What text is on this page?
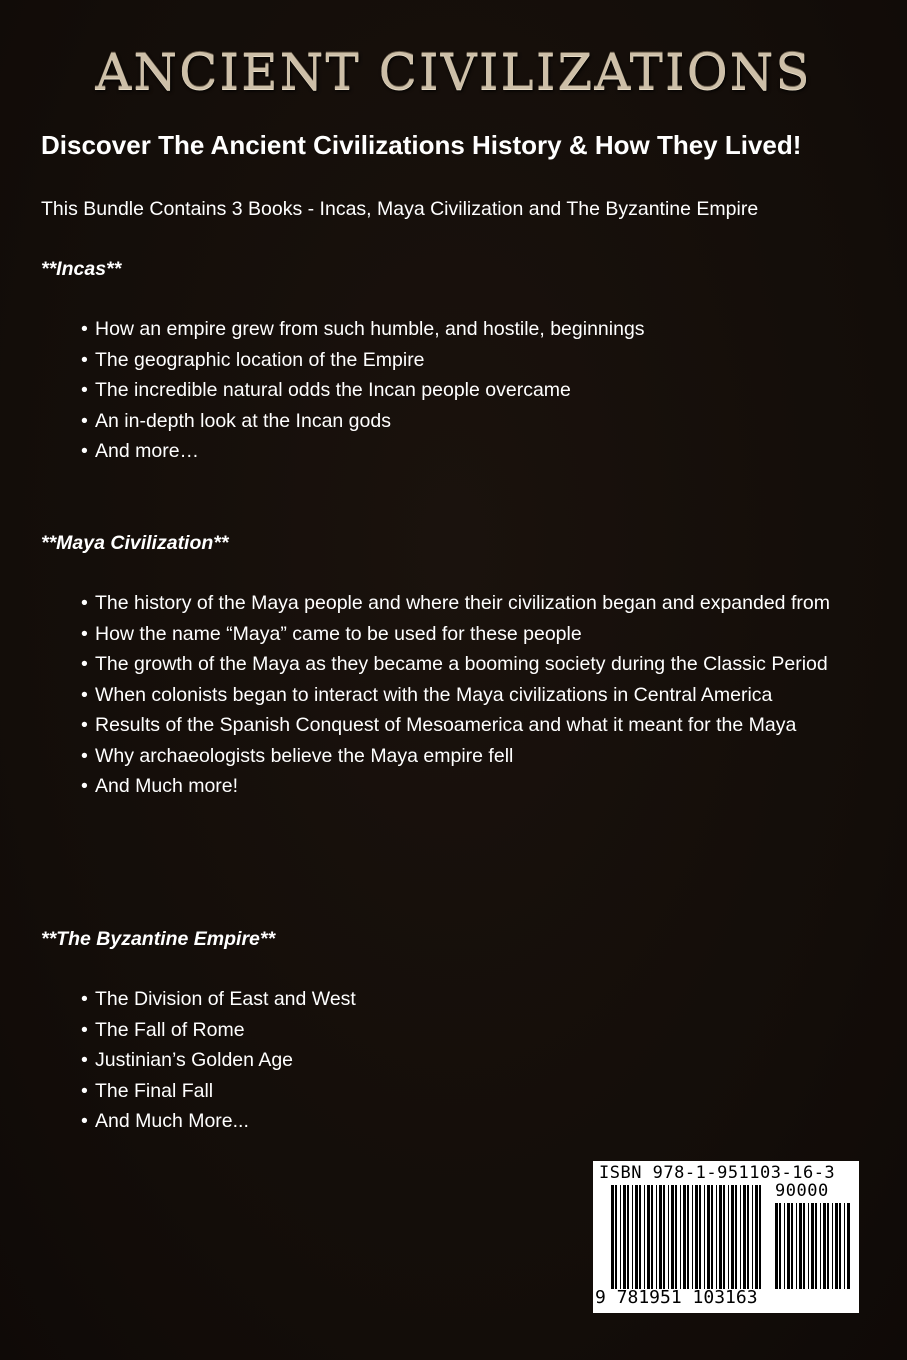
ANCIENT CIVILIZATIONS
Discover The Ancient Civilizations History & How They Lived!
This Bundle Contains 3 Books - Incas, Maya Civilization and The Byzantine Empire
**Incas**
• How an empire grew from such humble, and hostile, beginnings
• The geographic location of the Empire
• The incredible natural odds the Incan people overcame
• An in-depth look at the Incan gods
• And more…
**Maya Civilization**
• The history of the Maya people and where their civilization began and expanded from
• How the name “Maya” came to be used for these people
• The growth of the Maya as they became a booming society during the Classic Period
• When colonists began to interact with the Maya civilizations in Central America
• Results of the Spanish Conquest of Mesoamerica and what it meant for the Maya
• Why archaeologists believe the Maya empire fell
• And Much more!
**The Byzantine Empire**
• The Division of East and West
• The Fall of Rome
• Justinian’s Golden Age
• The Final Fall
• And Much More...
ISBN 978-1-951103-16-3
90000
9 781951 103163
